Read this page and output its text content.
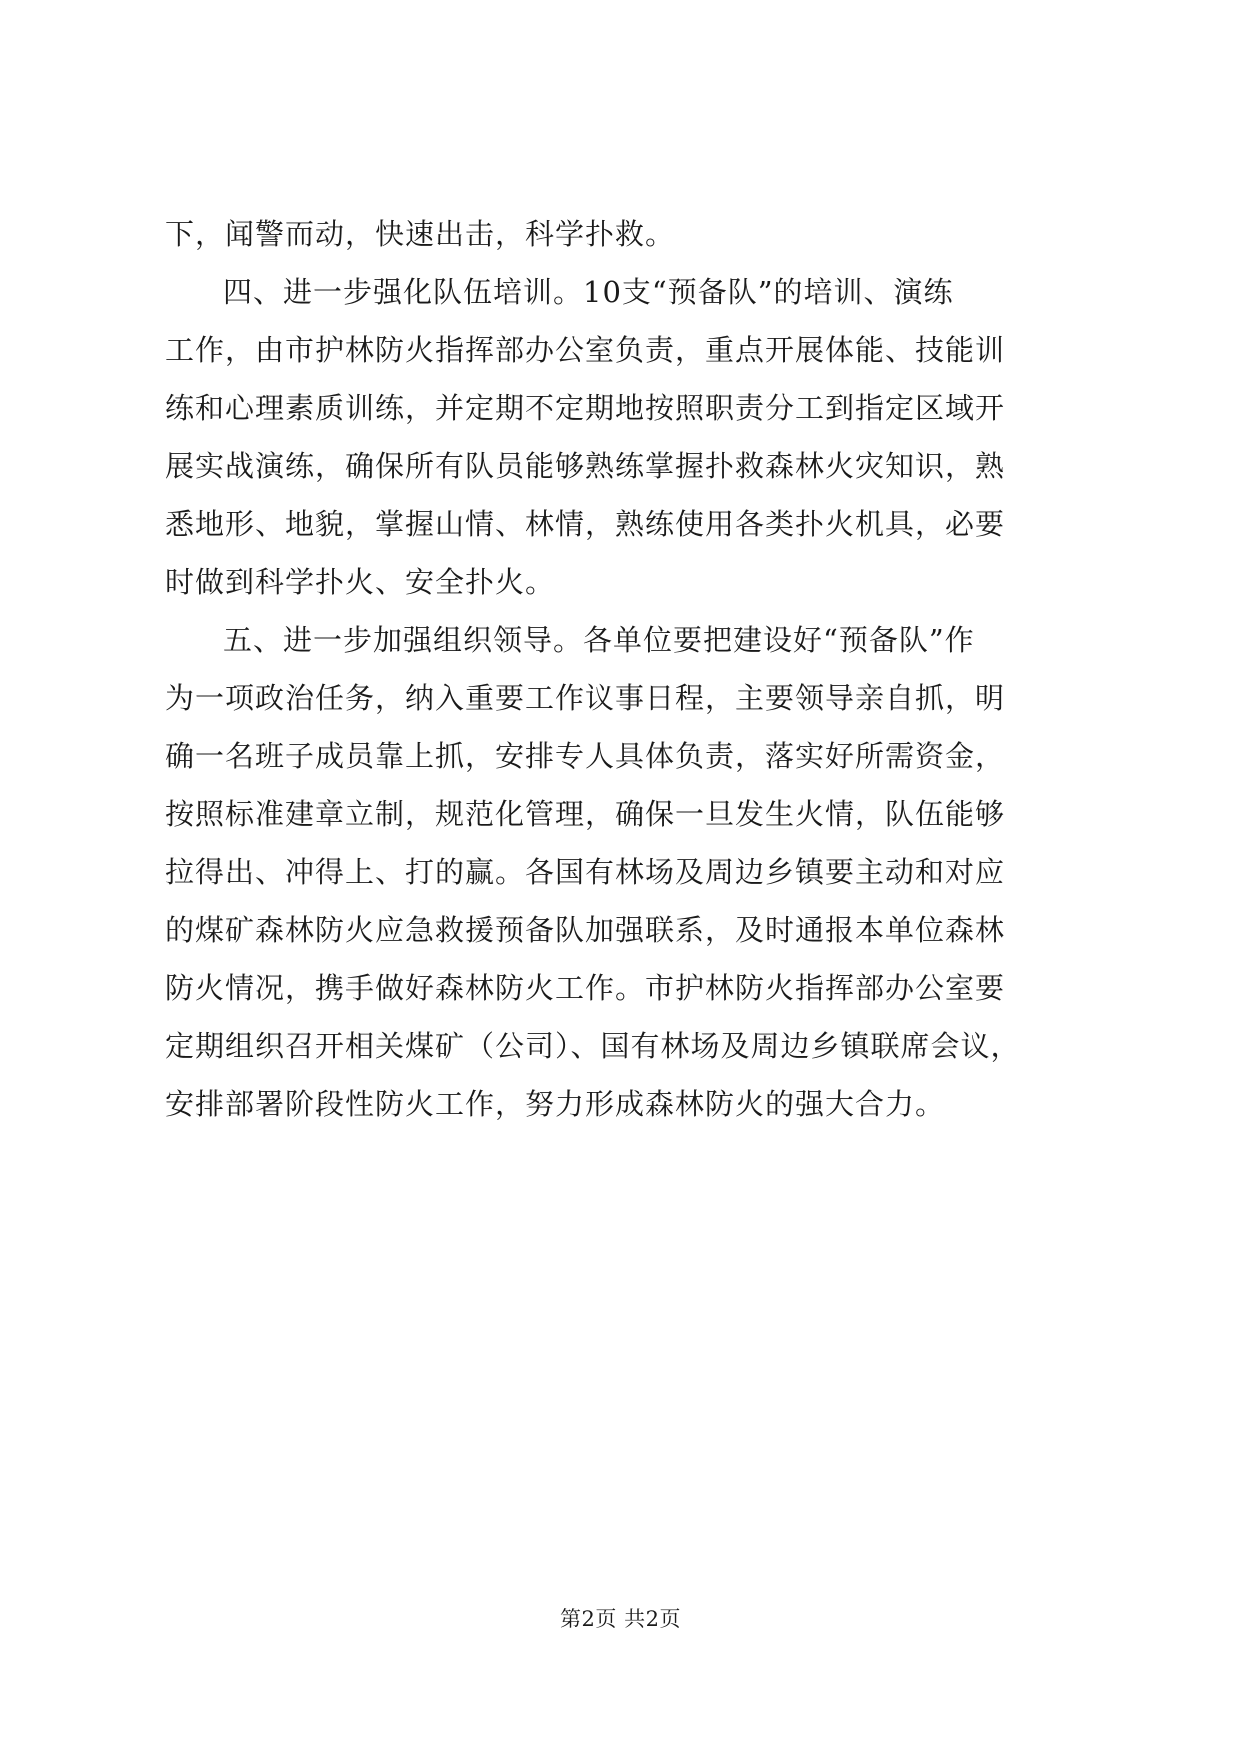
下，闻警而动，快速出击，科学扑救。

四、进一步强化队伍培训。10支“预备队”的培训、演练

工作，由市护林防火指挥部办公室负责，重点开展体能、技能训

练和心理素质训练，并定期不定期地按照职责分工到指定区域开

展实战演练，确保所有队员能够熟练掌握扑救森林火灾知识，熟

悉地形、地貌，掌握山情、林情，熟练使用各类扑火机具，必要

时做到科学扑火、安全扑火。

五、进一步加强组织领导。各单位要把建设好“预备队”作

为一项政治任务，纳入重要工作议事日程，主要领导亲自抓，明

确一名班子成员靠上抓，安排专人具体负责，落实好所需资金，

按照标准建章立制，规范化管理，确保一旦发生火情，队伍能够

拉得出、冲得上、打的赢。各国有林场及周边乡镇要主动和对应

的煤矿森林防火应急救援预备队加强联系，及时通报本单位森林

防火情况，携手做好森林防火工作。市护林防火指挥部办公室要

定期组织召开相关煤矿（公司）、国有林场及周边乡镇联席会议，

安排部署阶段性防火工作，努力形成森林防火的强大合力。

第2页 共2页
